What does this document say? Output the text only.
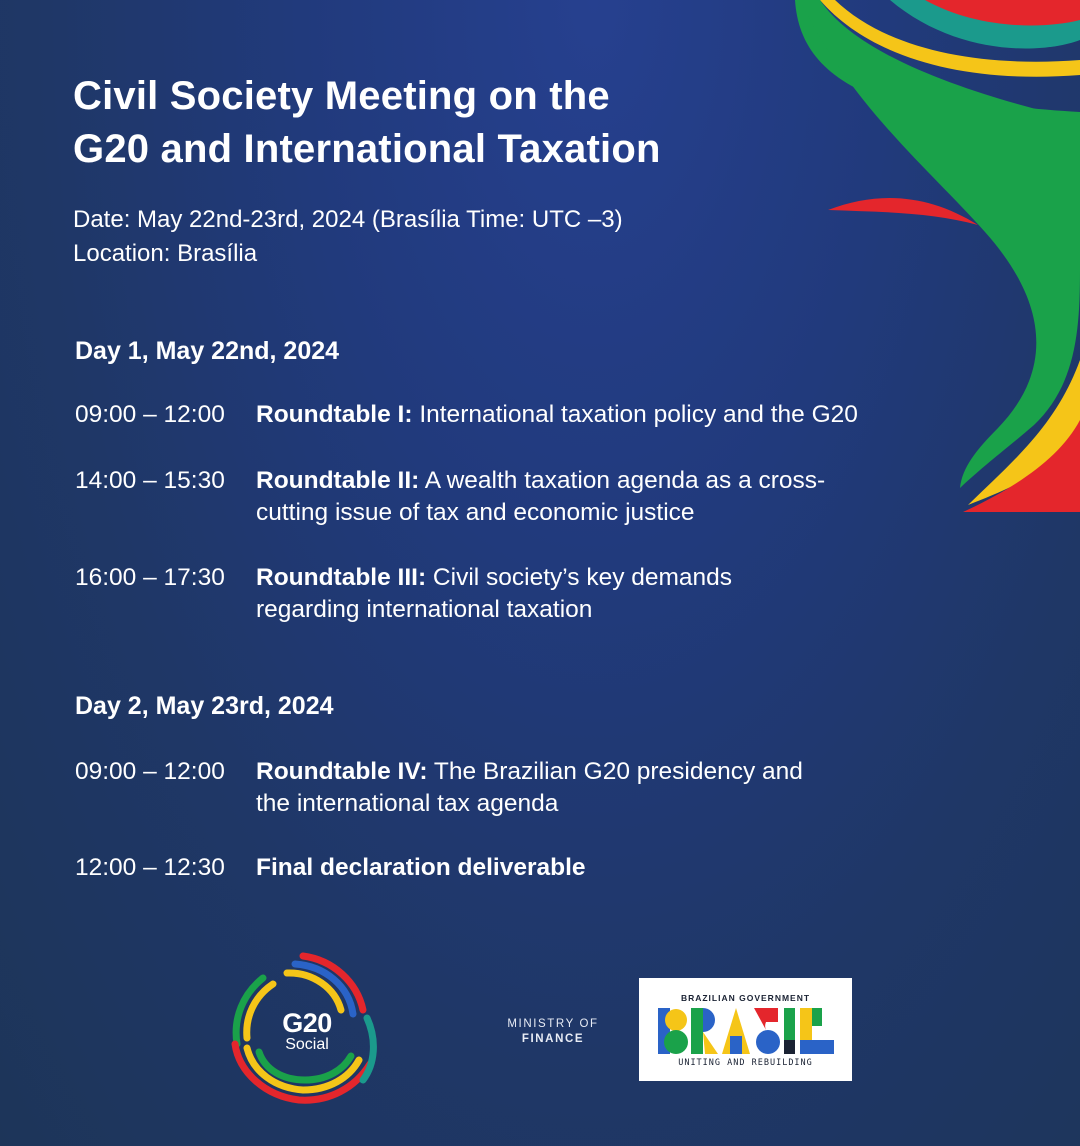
Civil Society Meeting on the
G20 and International Taxation
Date: May 22nd-23rd, 2024 (Brasília Time: UTC –3)
Location: Brasília
Day 1, May 22nd, 2024
09:00 – 12:00	Roundtable I: International taxation policy and the G20
14:00 – 15:30	Roundtable II: A wealth taxation agenda as a cross-cutting issue of tax and economic justice
16:00 – 17:30	Roundtable III: Civil society’s key demands regarding international taxation
Day 2, May 23rd, 2024
09:00 – 12:00	Roundtable IV: The Brazilian G20 presidency and the international tax agenda
12:00 – 12:30	Final declaration deliverable
G20
Social
MINISTRY OF
FINANCE
BRAZILIAN GOVERNMENT
UNITING AND REBUILDING
